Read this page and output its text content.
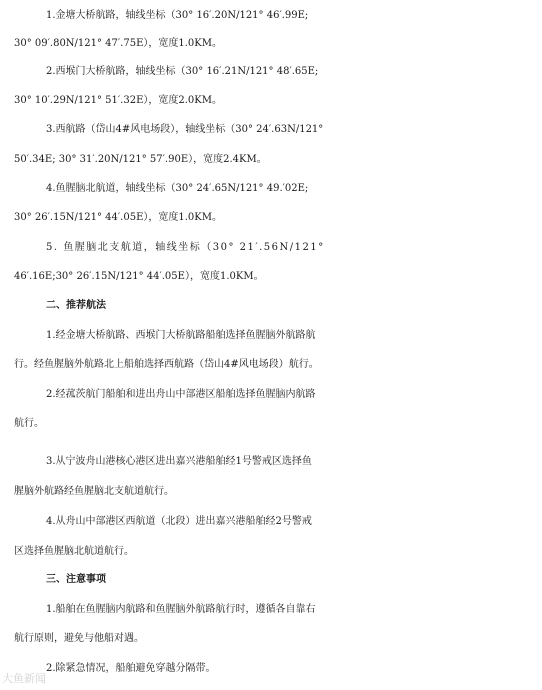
1.金塘大桥航路，轴线坐标（30° 16′.20N/121° 46′.99E;
30° 09′.80N/121° 47′.75E），宽度1.0KM。
2.西堠门大桥航路，轴线坐标（30° 16′.21N/121° 48′.65E;
30° 10′.29N/121° 51′.32E），宽度2.0KM。
3.西航路（岱山4#风电场段），轴线坐标（30° 24′.63N/121°
50′.34E; 30° 31′.20N/121° 57′.90E），宽度2.4KM。
4.鱼腥脑北航道，轴线坐标（30° 24′.65N/121° 49.′02E;
30° 26′.15N/121° 44′.05E），宽度1.0KM。
5. 鱼腥脑北支航道，轴线坐标（30° 21′.56N/121°
46′.16E;30° 26′.15N/121° 44′.05E），宽度1.0KM。
二、推荐航法
1.经金塘大桥航路、西堠门大桥航路船舶选择鱼腥脑外航路航
行。经鱼腥脑外航路北上船舶选择西航路（岱山4#风电场段）航行。
2.经菰茨航门船舶和进出舟山中部港区船舶选择鱼腥脑内航路
航行。
3.从宁波舟山港核心港区进出嘉兴港船舶经1号警戒区选择鱼
腥脑外航路经鱼腥脑北支航道航行。
4.从舟山中部港区西航道（北段）进出嘉兴港船舶经2号警戒
区选择鱼腥脑北航道航行。
三、注意事项
1.船舶在鱼腥脑内航路和鱼腥脑外航路航行时，遵循各自靠右
航行原则，避免与他船对遇。
2.除紧急情况，船舶避免穿越分隔带。
大鱼新闻
